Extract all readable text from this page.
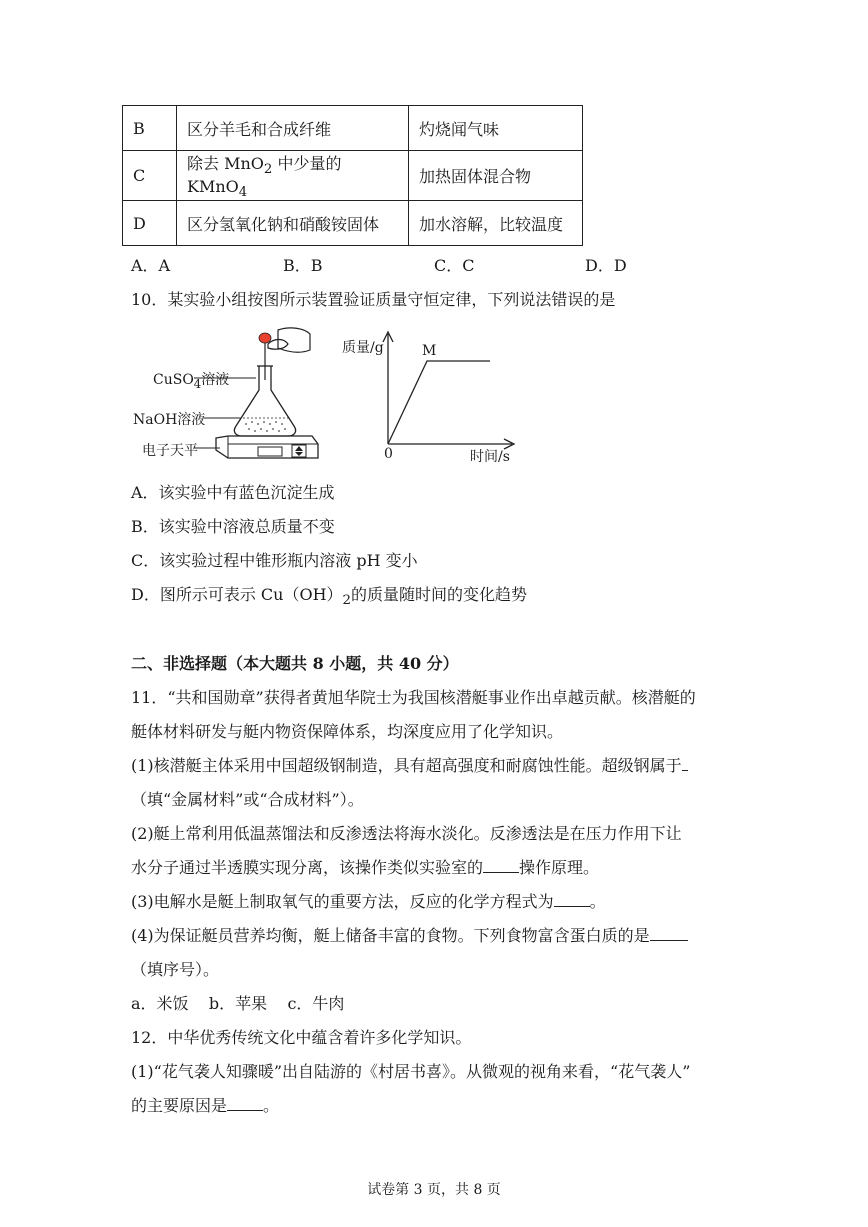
B	区分羊毛和合成纤维	灼烧闻气味
C	除去 MnO$_2$ 中少量的 KMnO$_4$	加热固体混合物
D	区分氢氧化钠和硝酸铵固体	加水溶解，比较温度
A．A	B．B	C．C	D．D
10．某实验小组按图所示装置验证质量守恒定律，下列说法错误的是
CuSO$_4$溶液
NaOH溶液
电子天平
质量/g	M
0	时间/s
A．该实验中有蓝色沉淀生成
B．该实验中溶液总质量不变
C．该实验过程中锥形瓶内溶液 pH 变小
D．图所示可表示 $Cu(OH)_2$的质量随时间的变化趋势
二、非选择题（本大题共 8 小题，共 40 分）
11．“共和国勋章”获得者黄旭华院士为我国核潜艇事业作出卓越贡献。核潜艇的
艇体材料研发与艇内物资保障体系，均深度应用了化学知识。
(1)核潜艇主体采用中国超级钢制造，具有超高强度和耐腐蚀性能。超级钢属于
（填“金属材料”或“合成材料”）。
(2)艇上常利用低温蒸馏法和反渗透法将海水淡化。反渗透法是在压力作用下让
水分子通过半透膜实现分离，该操作类似实验室的 操作原理。
(3)电解水是艇上制取氧气的重要方法，反应的化学方程式为 。
(4)为保证艇员营养均衡，艇上储备丰富的食物。下列食物富含蛋白质的是
（填序号）。
a．米饭    b．苹果    c．牛肉
12．中华优秀传统文化中蕴含着许多化学知识。
(1)“花气袭人知骤暖”出自陆游的《村居书喜》。从微观的视角来看，“花气袭人”
的主要原因是 。
试卷第 3 页，共 8 页
